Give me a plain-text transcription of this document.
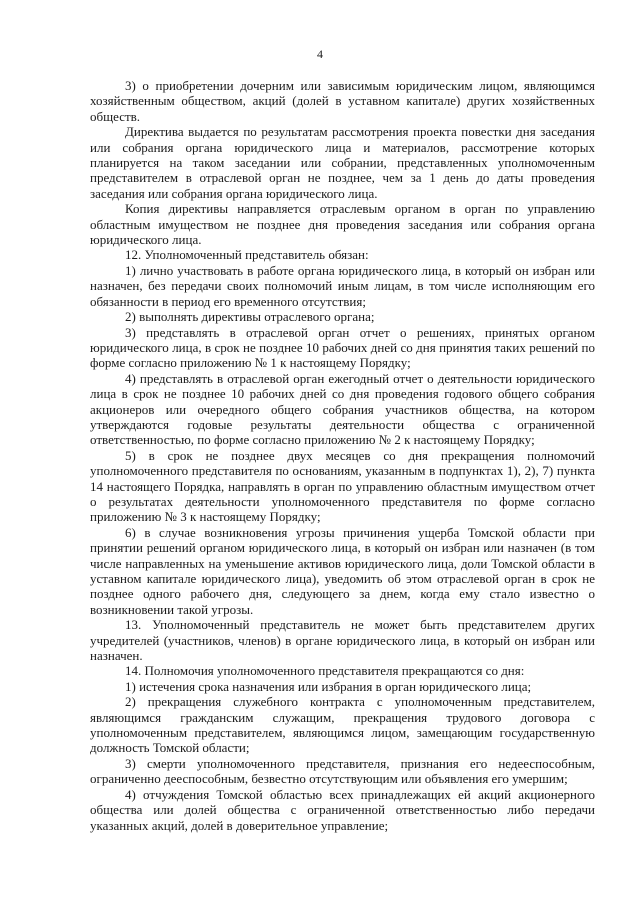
4

3) о приобретении дочерним или зависимым юридическим лицом, являющимся хозяйственным обществом, акций (долей в уставном капитале) других хозяйственных обществ.

Директива выдается по результатам рассмотрения проекта повестки дня заседания или собрания органа юридического лица и материалов, рассмотрение которых планируется на таком заседании или собрании, представленных уполномоченным представителем в отраслевой орган не позднее, чем за 1 день до даты проведения заседания или собрания органа юридического лица.

Копия директивы направляется отраслевым органом в орган по управлению областным имуществом не позднее дня проведения заседания или собрания органа юридического лица.

12. Уполномоченный представитель обязан:

1) лично участвовать в работе органа юридического лица, в который он избран или назначен, без передачи своих полномочий иным лицам, в том числе исполняющим его обязанности в период его временного отсутствия;

2) выполнять директивы отраслевого органа;

3) представлять в отраслевой орган отчет о решениях, принятых органом юридического лица, в срок не позднее 10 рабочих дней со дня принятия таких решений по форме согласно приложению № 1 к настоящему Порядку;

4) представлять в отраслевой орган ежегодный отчет о деятельности юридического лица в срок не позднее 10 рабочих дней со дня проведения годового общего собрания акционеров или очередного общего собрания участников общества, на котором утверждаются годовые результаты деятельности общества с ограниченной ответственностью, по форме согласно приложению № 2 к настоящему Порядку;

5) в срок не позднее двух месяцев со дня прекращения полномочий уполномоченного представителя по основаниям, указанным в подпунктах 1), 2), 7) пункта 14 настоящего Порядка, направлять в орган по управлению областным имуществом отчет о результатах деятельности уполномоченного представителя по форме согласно приложению № 3 к настоящему Порядку;

6) в случае возникновения угрозы причинения ущерба Томской области при принятии решений органом юридического лица, в который он избран или назначен (в том числе направленных на уменьшение активов юридического лица, доли Томской области в уставном капитале юридического лица), уведомить об этом отраслевой орган в срок не позднее одного рабочего дня, следующего за днем, когда ему стало известно о возникновении такой угрозы.

13. Уполномоченный представитель не может быть представителем других учредителей (участников, членов) в органе юридического лица, в который он избран или назначен.

14. Полномочия уполномоченного представителя прекращаются со дня:

1) истечения срока назначения или избрания в орган юридического лица;

2) прекращения служебного контракта с уполномоченным представителем, являющимся гражданским служащим, прекращения трудового договора с уполномоченным представителем, являющимся лицом, замещающим государственную должность Томской области;

3) смерти уполномоченного представителя, признания его недееспособным, ограниченно дееспособным, безвестно отсутствующим или объявления его умершим;

4) отчуждения Томской областью всех принадлежащих ей акций акционерного общества или долей общества с ограниченной ответственностью либо передачи указанных акций, долей в доверительное управление;
